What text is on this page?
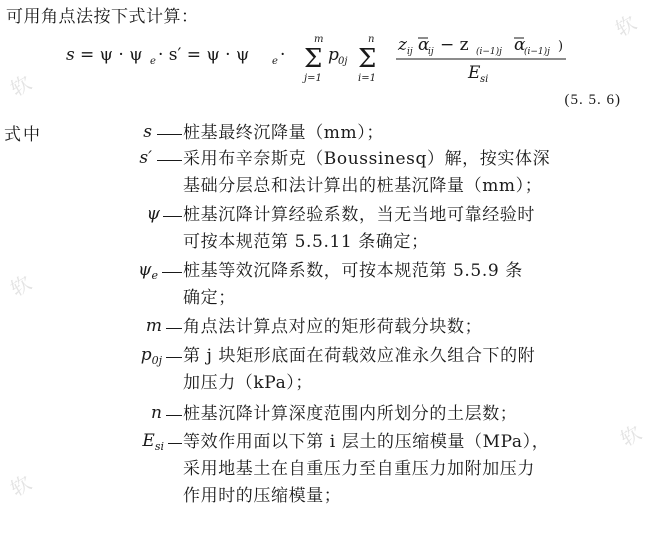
软
软
软
软
软
可用角点法按下式计算：
s = ψ · ψ e · s′ = ψ · ψ e ·
m
Σ
j=1
p 0j
n
Σ
i=1
z ij α
ij − z (i−1)j α
(i−1)j )
E si
(5. 5. 6)
式中	s 桩基最终沉降量（mm）；
s′ 采用布辛奈斯克（Boussinesq）解，按实体深
基础分层总和法计算出的桩基沉降量（mm）；
ψ 桩基沉降计算经验系数，当无当地可靠经验时
可按本规范第 5.5.11 条确定；
$\psi_e$ 桩基等效沉降系数，可按本规范第 5.5.9 条
确定；
m 角点法计算点对应的矩形荷载分块数；
$p_{0j}$ 第 j 块矩形底面在荷载效应准永久组合下的附
加压力（kPa）；
n 桩基沉降计算深度范围内所划分的土层数；
$E_{si}$ 等效作用面以下第 i 层土的压缩模量（MPa），
采用地基土在自重压力至自重压力加附加压力
作用时的压缩模量；
